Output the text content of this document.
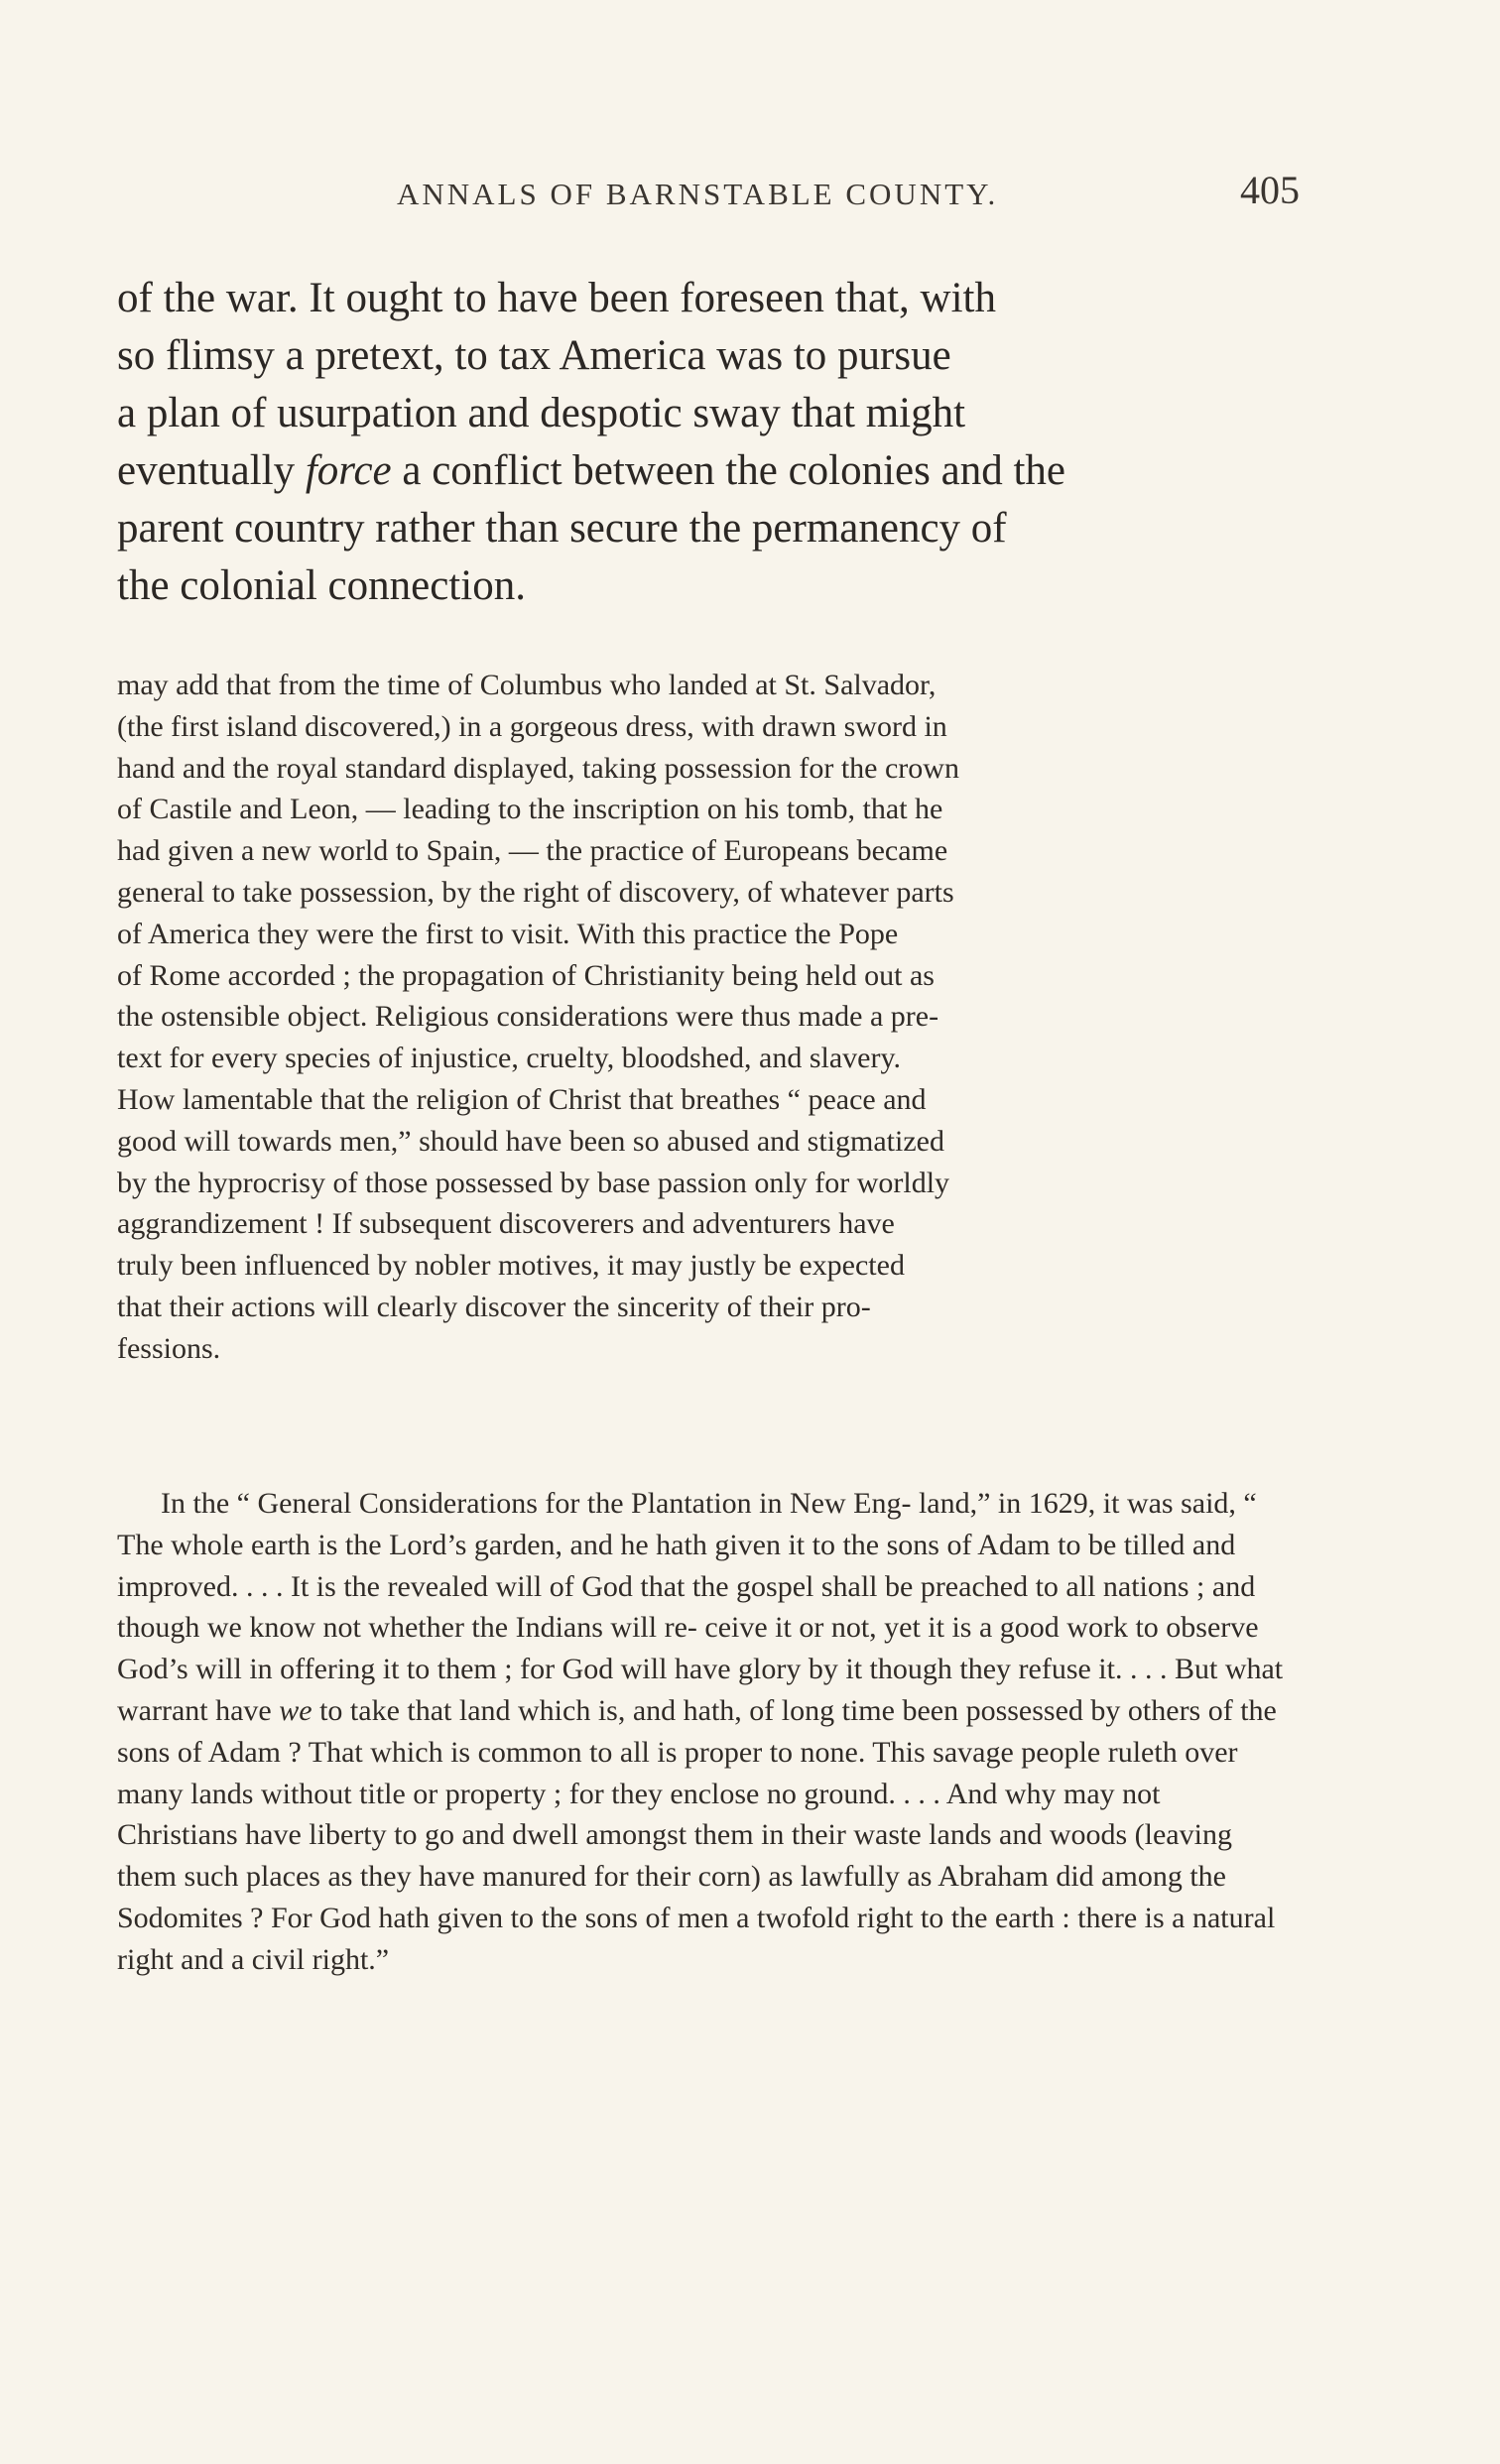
ANNALS OF BARNSTABLE COUNTY.	405
of the war. It ought to have been foreseen that, with
so flimsy a pretext, to tax America was to pursue
a plan of usurpation and despotic sway that might
eventually force a conflict between the colonies and the
parent country rather than secure the permanency of
the colonial connection.
may add that from the time of Columbus who landed at St. Salvador,
(the first island discovered,) in a gorgeous dress, with drawn sword in
hand and the royal standard displayed, taking possession for the crown
of Castile and Leon, — leading to the inscription on his tomb, that he
had given a new world to Spain, — the practice of Europeans became
general to take possession, by the right of discovery, of whatever parts
of America they were the first to visit. With this practice the Pope
of Rome accorded ; the propagation of Christianity being held out as
the ostensible object. Religious considerations were thus made a pre-
text for every species of injustice, cruelty, bloodshed, and slavery.
How lamentable that the religion of Christ that breathes “ peace and
good will towards men,” should have been so abused and stigmatized
by the hyprocrisy of those possessed by base passion only for worldly
aggrandizement ! If subsequent discoverers and adventurers have
truly been influenced by nobler motives, it may justly be expected
that their actions will clearly discover the sincerity of their pro-
fessions.
In the “ General Considerations for the Plantation in New Eng- land,” in 1629, it was said, “ The whole earth is the Lord’s garden, and he hath given it to the sons of Adam to be tilled and improved. . . . It is the revealed will of God that the gospel shall be preached to all nations ; and though we know not whether the Indians will re- ceive it or not, yet it is a good work to observe God’s will in offering it to them ; for God will have glory by it though they refuse it. . . . But what warrant have we to take that land which is, and hath, of long time been possessed by others of the sons of Adam ? That which is common to all is proper to none. This savage people ruleth over many lands without title or property ; for they enclose no ground. . . . And why may not Christians have liberty to go and dwell amongst them in their waste lands and woods (leaving them such places as they have manured for their corn) as lawfully as Abraham did among the Sodomites ? For God hath given to the sons of men a twofold right to the earth : there is a natural right and a civil right.”
